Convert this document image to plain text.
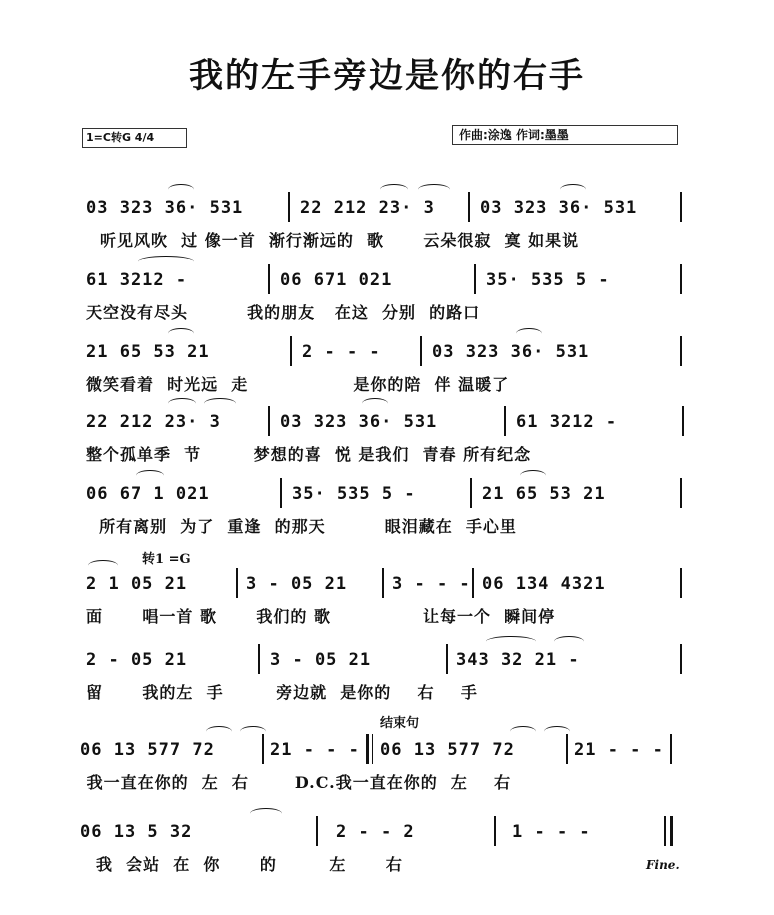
我的左手旁边是你的右手
1=C转G 4/4	作曲:涂逸 作词:墨墨
03 323 36· 531	22 212 23· 3	03 323 36· 531
听见风吹  过 像一首  渐行渐远的  歌      云朵很寂  寞 如果说
61 3212 -	06 671 021	35· 535 5 -
天空没有尽头         我的朋友   在这  分别  的路口
21 65 53 21	2 - - -	03 323 36· 531
微笑看着  时光远  走                是你的陪  伴 温暖了
22 212 23· 3	03 323 36· 531	61 3212 -
整个孤单季  节        梦想的喜  悦 是我们  青春 所有纪念
06 67 1 021	35· 535 5 -	21 65 53 21
所有离别  为了  重逢  的那天         眼泪藏在  手心里
转1 =G
2 1 05 21	3 - 05 21	3 - - - 06 134 4321
面      唱一首 歌      我们的 歌              让每一个  瞬间停
2 - 05 21	3 - 05 21	343 32 21 -
留      我的左  手        旁边就  是你的    右    手
结束句
06 13 577 72	21 - - - 06 13 577 72	21 - - -
我一直在你的  左  右       D.C.我一直在你的  左    右
06 13 5 32	2 - - 2	1 - - -
我  会站  在  你      的        左      右	Fine.
